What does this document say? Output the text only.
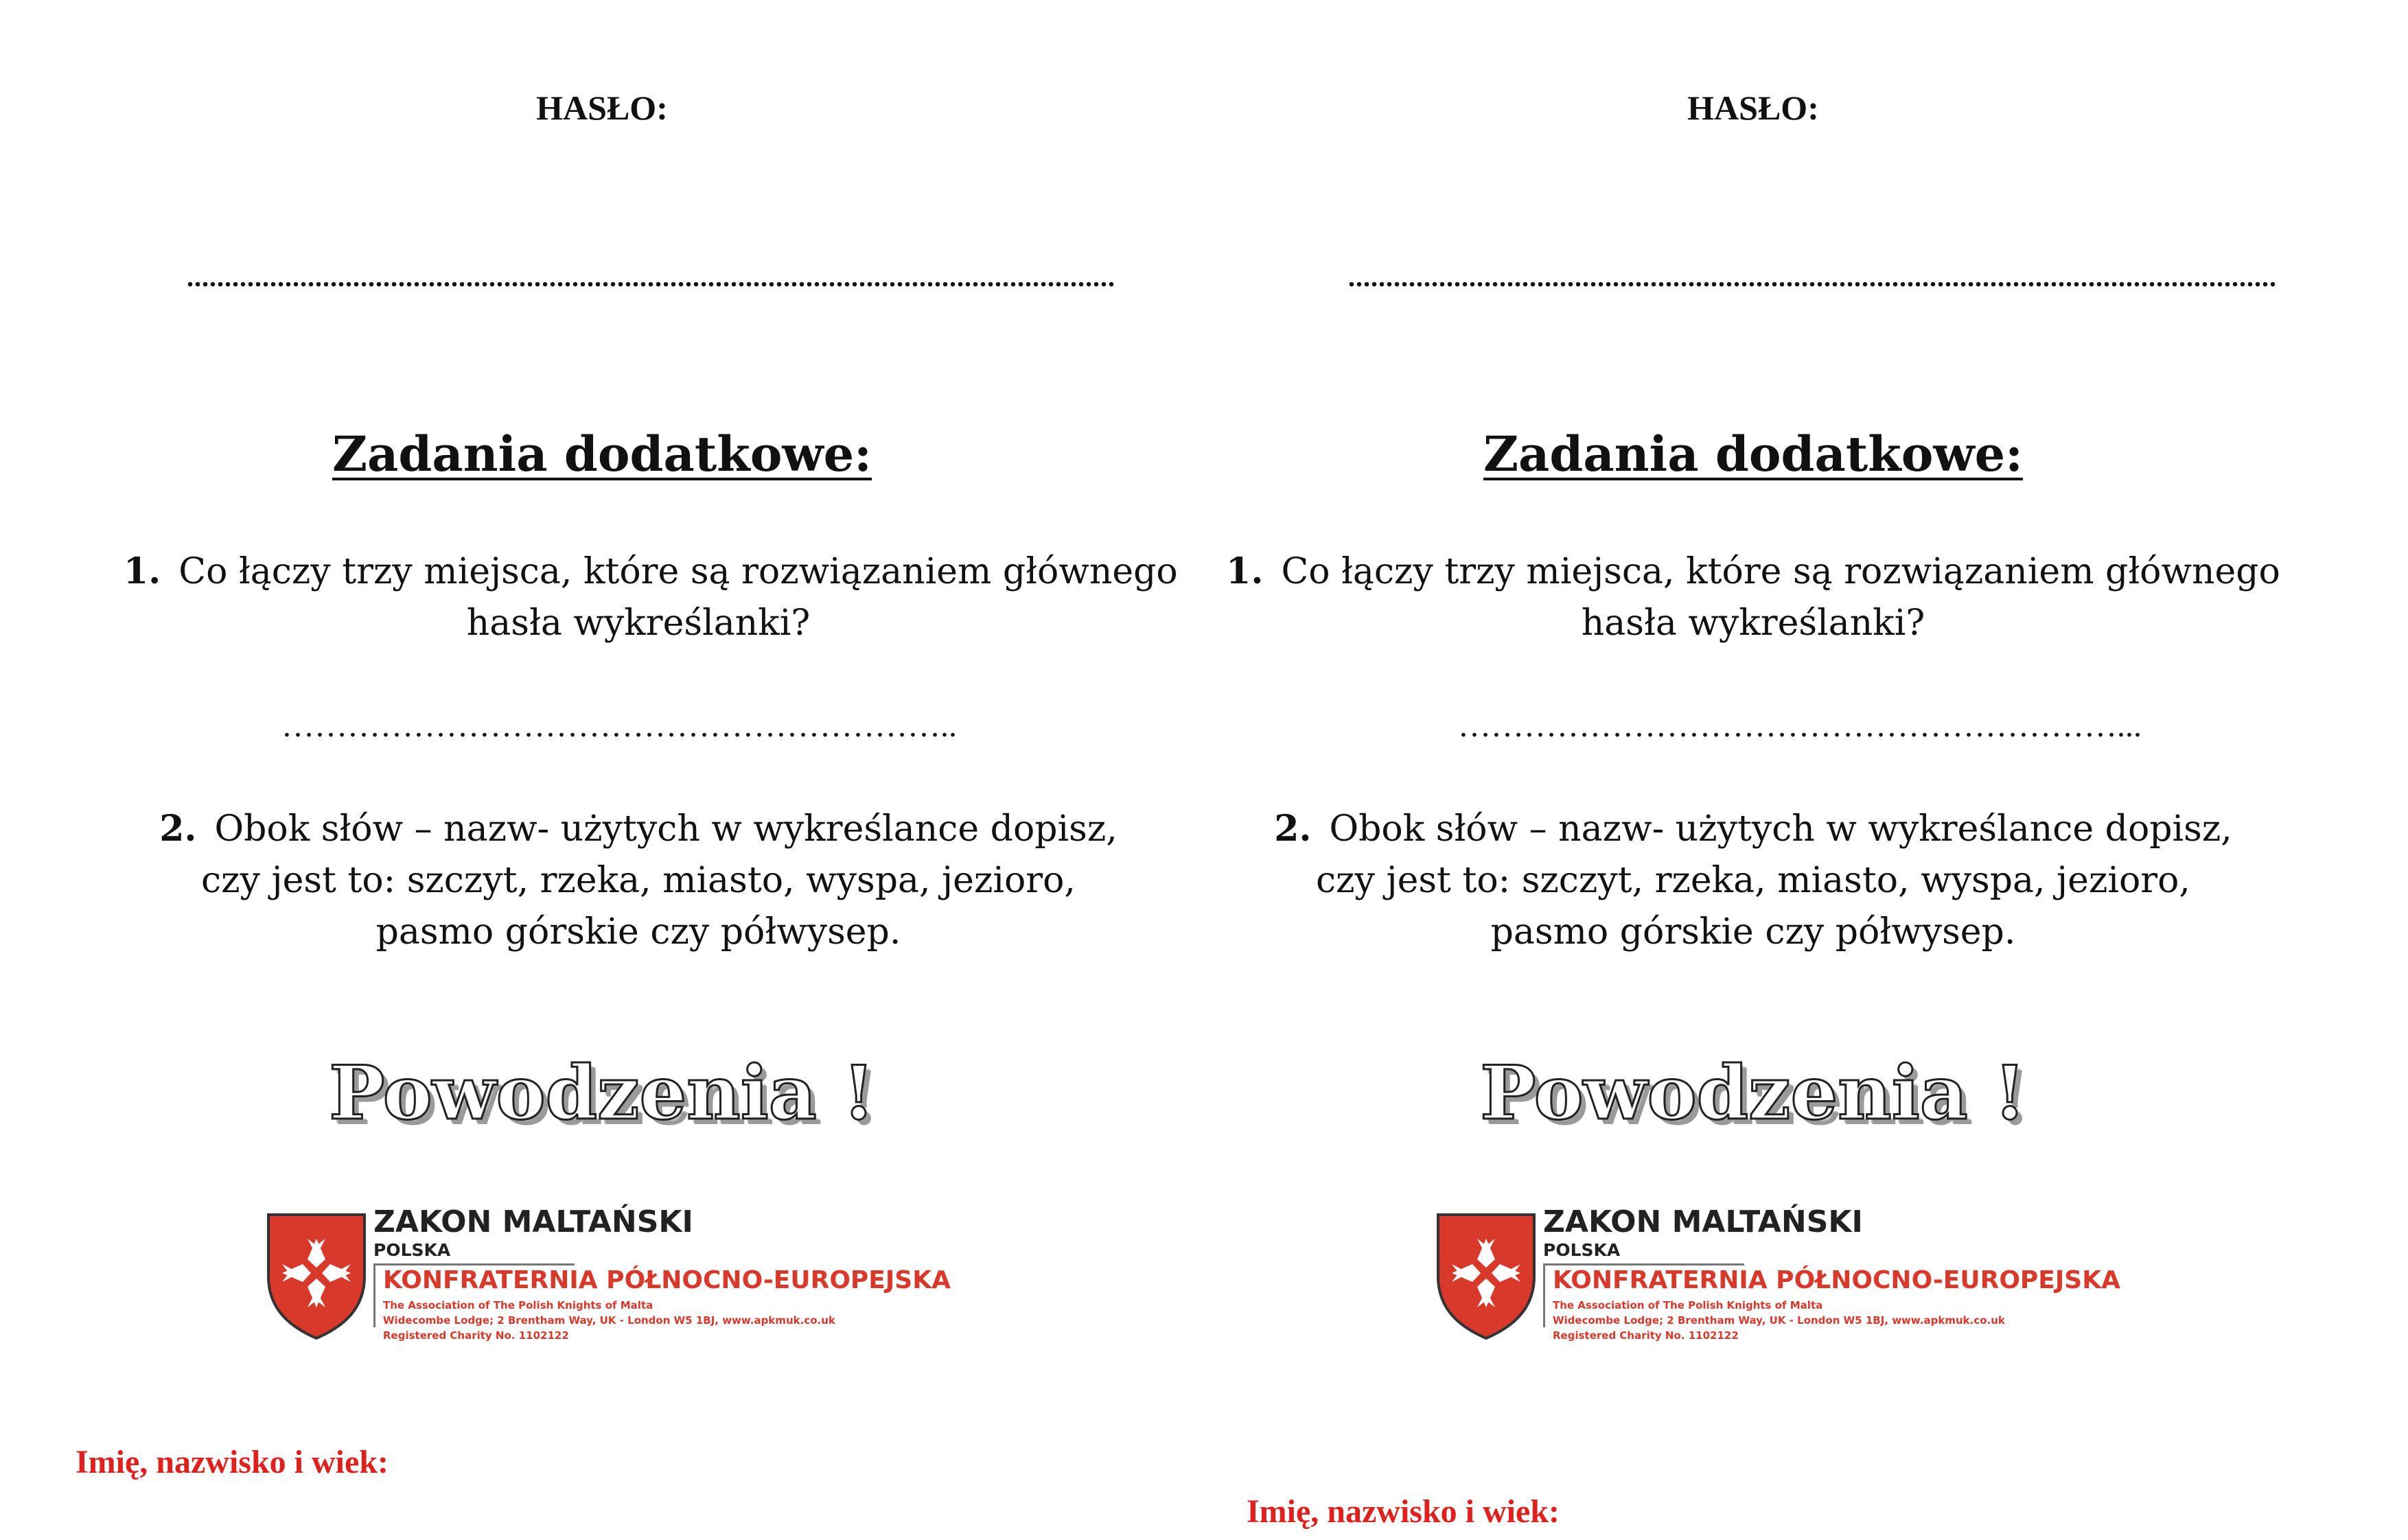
HASŁO:
...........................................................................................................................
Zadania dodatkowe:
1. Co łączy trzy miejsca, które są rozwiązaniem głównego
hasła wykreślanki?
……………………………………………………..
2. Obok słów – nazw- użytych w wykreślance dopisz,
czy jest to: szczyt, rzeka, miasto, wyspa, jezioro,
pasmo górskie czy półwysep.
Powodzenia !
ZAKON MALTAŃSKI
POLSKA
KONFRATERNIA PÓŁNOCNO-EUROPEJSKA
The Association of The Polish Knights of Malta
Widecombe Lodge; 2 Brentham Way, UK - London W5 1BJ, www.apkmuk.co.uk
Registered Charity No. 1102122
Imię, nazwisko i wiek:
HASŁO:
...........................................................................................................................
Zadania dodatkowe:
1. Co łączy trzy miejsca, które są rozwiązaniem głównego
hasła wykreślanki?
……………………………………………………...
2. Obok słów – nazw- użytych w wykreślance dopisz,
czy jest to: szczyt, rzeka, miasto, wyspa, jezioro,
pasmo górskie czy półwysep.
Powodzenia !
ZAKON MALTAŃSKI
POLSKA
KONFRATERNIA PÓŁNOCNO-EUROPEJSKA
The Association of The Polish Knights of Malta
Widecombe Lodge; 2 Brentham Way, UK - London W5 1BJ, www.apkmuk.co.uk
Registered Charity No. 1102122
Imię, nazwisko i wiek:
